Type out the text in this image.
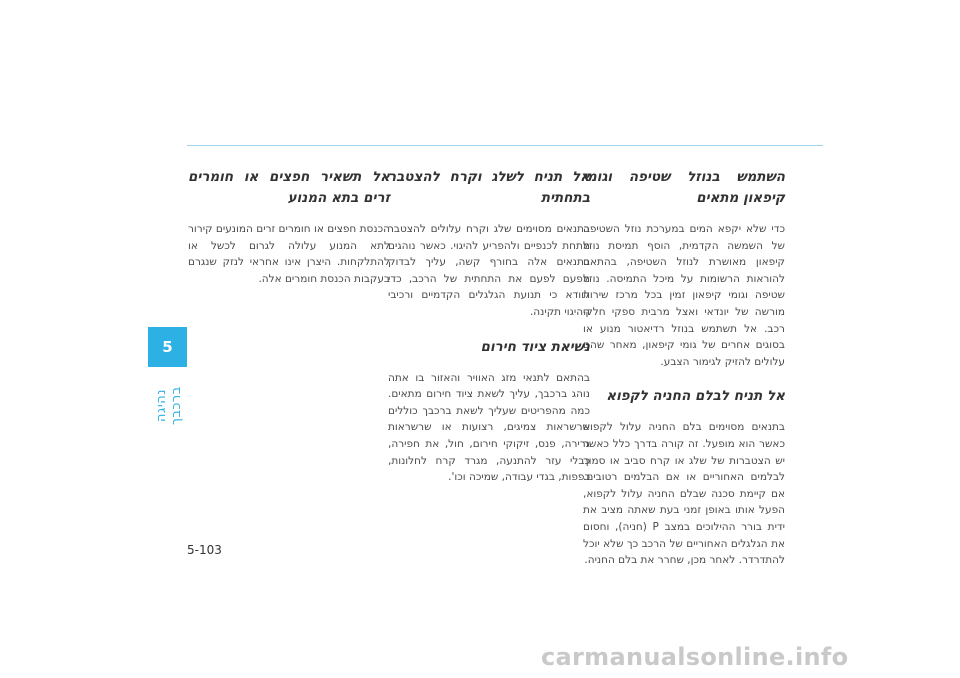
5
נהיגה ברכבך
השתמש בנוזל שטיפה וגומי קיפאון מתאים

כדי שלא יקפא המים במערכת נוזל השטיפה של השמשה הקדמית, הוסף תמיסת נוזל קיפאון מאושרת לנוזל השטיפה, בהתאם להוראות הרשומות על מיכל התמיסה. נוזל שטיפה וגומי קיפאון זמין בכל מרכז שירות מורשה של יונדאי ואצל מרבית ספקי חלקי רכב. אל תשתמש בנוזל רדיאטור מנוע או בסוגים אחרים של גומי קיפאון, מאחר שהם עלולים להזיק לגימור הצבע.

אל תניח לבלם החניה לקפוא

בתנאים מסוימים בלם החניה עלול לקפוא כאשר הוא מופעל. זה קורה בדרך כלל כאשר יש הצטברות של שלג או קרח סביב או סמוך לבלמים האחוריים או אם הבלמים רטובים. אם קיימת סכנה שבלם החניה עלול לקפוא, הפעל אותו באופן זמני בעת שאתה מציב את ידית בורר ההילוכים במצב P (חניה), וחסום את הגלגלים האחוריים של הרכב כך שלא יוכל להתדרדר. לאחר מכן, שחרר את בלם החניה.

אל תניח לשלג וקרח להצטבר בתחתית

בתנאים מסוימים שלג וקרח עלולים להצטבר מתחת לכנפיים ולהפריע להיגוי. כאשר נוהגים בתנאים אלה בחורף קשה, עליך לבדוק מפעם לפעם את התחתית של הרכב, כדי לוודא כי תנועת הגלגלים הקדמיים ורכיבי ההיגוי תקינה.

נשיאת ציוד חירום

בהתאם לתנאי מזג האוויר והאזור בו אתה נוהג ברכבך, עליך לשאת ציוד חירום מתאים. כמה מהפריטים שעליך לשאת ברכבך כוללים שרשראות צמיגים, רצועות או שרשראות גרירה, פנס, זיקוקי חירום, חול, את חפירה, כבלי עזר להתנעה, מגרד קרח לחלונות, כפפות, בגדי עבודה, שמיכה וכו'.

אל תשאיר חפצים או חומרים זרים בתא המנוע

הכנסת חפצים או חומרים זרים המונעים קירור לתא המנוע עלולה לגרום לכשל או להתלקחות. היצרן אינו אחראי לנזק שנגרם בעקבות הכנסת חומרים אלה.

5-103
carmanualsonline.info
